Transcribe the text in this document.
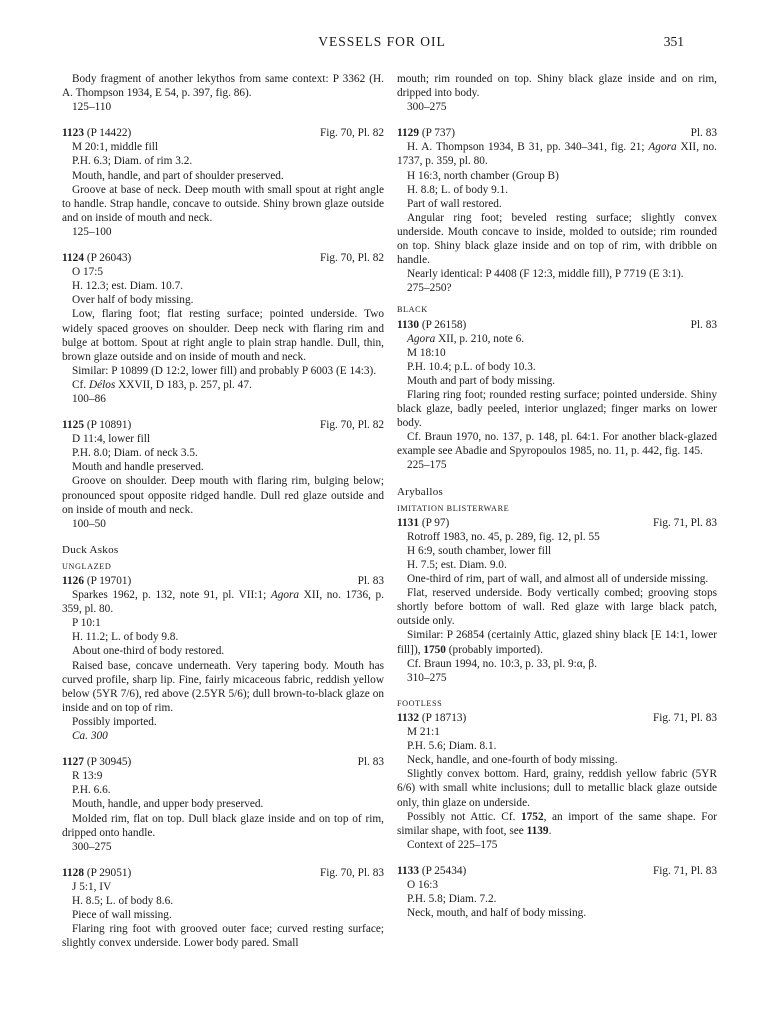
VESSELS FOR OIL	351

Body fragment of another lekythos from same context: P 3362 (H. A. Thompson 1934, E 54, p. 397, fig. 86).

125–110

1123 (P 14422)	Fig. 70, Pl. 82

M 20:1, middle fill

P.H. 6.3; Diam. of rim 3.2.

Mouth, handle, and part of shoulder preserved.

Groove at base of neck. Deep mouth with small spout at right angle to handle. Strap handle, concave to outside. Shiny brown glaze outside and on inside of mouth and neck.

125–100

1124 (P 26043)	Fig. 70, Pl. 82

O 17:5

H. 12.3; est. Diam. 10.7.

Over half of body missing.

Low, flaring foot; flat resting surface; pointed underside. Two widely spaced grooves on shoulder. Deep neck with flaring rim and bulge at bottom. Spout at right angle to plain strap handle. Dull, thin, brown glaze outside and on inside of mouth and neck.

Similar: P 10899 (D 12:2, lower fill) and probably P 6003 (E 14:3).

Cf. Délos XXVII, D 183, p. 257, pl. 47.

100–86

1125 (P 10891)	Fig. 70, Pl. 82

D 11:4, lower fill

P.H. 8.0; Diam. of neck 3.5.

Mouth and handle preserved.

Groove on shoulder. Deep mouth with flaring rim, bulging below; pronounced spout opposite ridged handle. Dull red glaze outside and on inside of mouth and neck.

100–50

Duck Askos

UNGLAZED

1126 (P 19701)	Pl. 83

Sparkes 1962, p. 132, note 91, pl. VII:1; Agora XII, no. 1736, p. 359, pl. 80.

P 10:1

H. 11.2; L. of body 9.8.

About one-third of body restored.

Raised base, concave underneath. Very tapering body. Mouth has curved profile, sharp lip. Fine, fairly micaceous fabric, reddish yellow below (5YR 7/6), red above (2.5YR 5/6); dull brown-to-black glaze on inside and on top of rim.

Possibly imported.

Ca. 300

1127 (P 30945)	Pl. 83

R 13:9

P.H. 6.6.

Mouth, handle, and upper body preserved.

Molded rim, flat on top. Dull black glaze inside and on top of rim, dripped onto handle.

300–275

1128 (P 29051)	Fig. 70, Pl. 83

J 5:1, IV

H. 8.5; L. of body 8.6.

Piece of wall missing.

Flaring ring foot with grooved outer face; curved resting surface; slightly convex underside. Lower body pared. Small

mouth; rim rounded on top. Shiny black glaze inside and on rim, dripped into body.

300–275

1129 (P 737)	Pl. 83

H. A. Thompson 1934, B 31, pp. 340–341, fig. 21; Agora XII, no. 1737, p. 359, pl. 80.

H 16:3, north chamber (Group B)

H. 8.8; L. of body 9.1.

Part of wall restored.

Angular ring foot; beveled resting surface; slightly convex underside. Mouth concave to inside, molded to outside; rim rounded on top. Shiny black glaze inside and on top of rim, with dribble on handle.

Nearly identical: P 4408 (F 12:3, middle fill), P 7719 (E 3:1).

275–250?

BLACK

1130 (P 26158)	Pl. 83

Agora XII, p. 210, note 6.

M 18:10

P.H. 10.4; p.L. of body 10.3.

Mouth and part of body missing.

Flaring ring foot; rounded resting surface; pointed underside. Shiny black glaze, badly peeled, interior unglazed; finger marks on lower body.

Cf. Braun 1970, no. 137, p. 148, pl. 64:1. For another black-glazed example see Abadie and Spyropoulos 1985, no. 11, p. 442, fig. 145.

225–175

Aryballos

IMITATION BLISTERWARE

1131 (P 97)	Fig. 71, Pl. 83

Rotroff 1983, no. 45, p. 289, fig. 12, pl. 55

H 6:9, south chamber, lower fill

H. 7.5; est. Diam. 9.0.

One-third of rim, part of wall, and almost all of underside missing.

Flat, reserved underside. Body vertically combed; grooving stops shortly before bottom of wall. Red glaze with large black patch, outside only.

Similar: P 26854 (certainly Attic, glazed shiny black [E 14:1, lower fill]), 1750 (probably imported).

Cf. Braun 1994, no. 10:3, p. 33, pl. 9:α, β.

310–275

FOOTLESS

1132 (P 18713)	Fig. 71, Pl. 83

M 21:1

P.H. 5.6; Diam. 8.1.

Neck, handle, and one-fourth of body missing.

Slightly convex bottom. Hard, grainy, reddish yellow fabric (5YR 6/6) with small white inclusions; dull to metallic black glaze outside only, thin glaze on underside.

Possibly not Attic. Cf. 1752, an import of the same shape. For similar shape, with foot, see 1139.

Context of 225–175

1133 (P 25434)	Fig. 71, Pl. 83

O 16:3

P.H. 5.8; Diam. 7.2.

Neck, mouth, and half of body missing.
